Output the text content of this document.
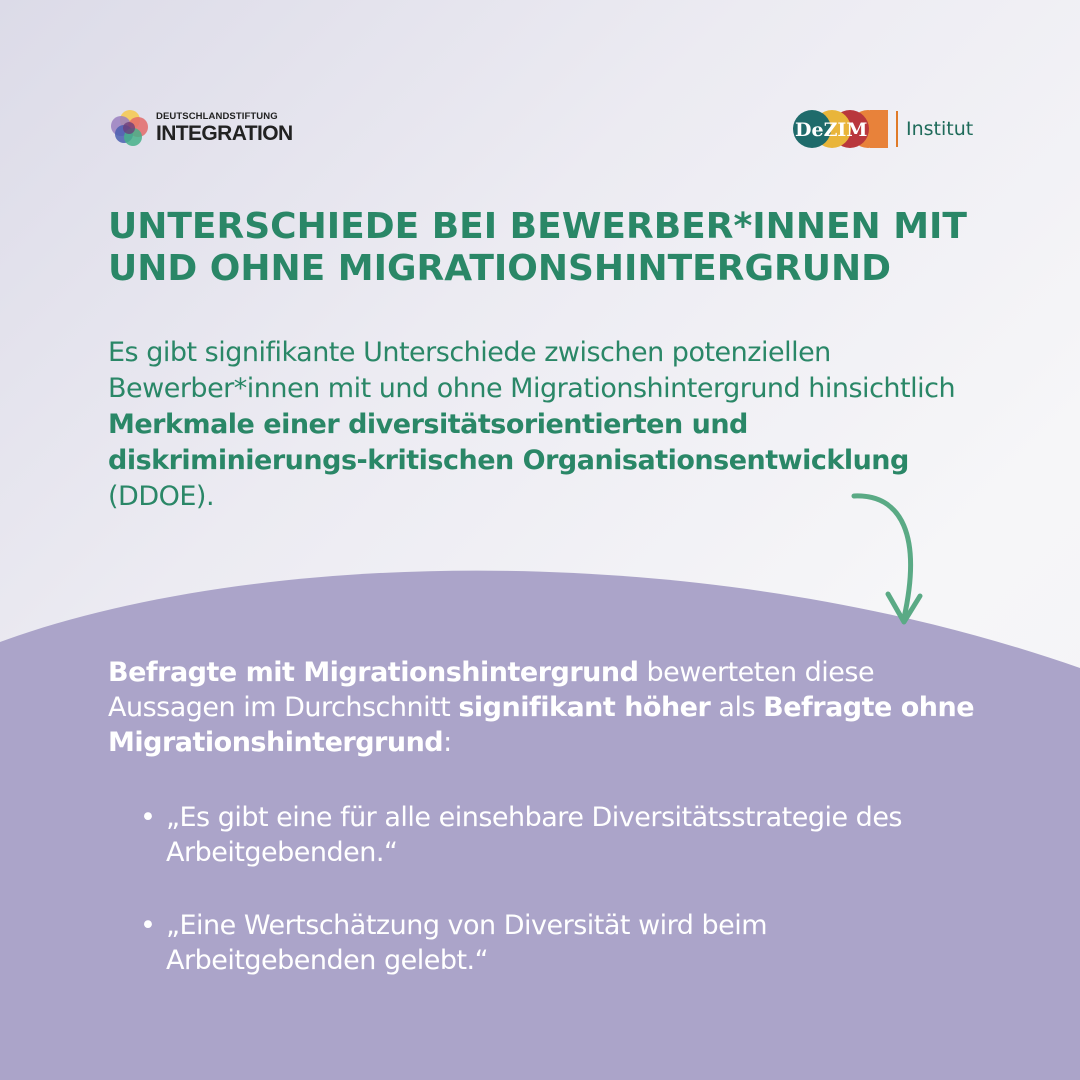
DEUTSCHLANDSTIFTUNG
INTEGRATION	DeZIM Institut
UNTERSCHIEDE BEI BEWERBER*INNEN MIT UND OHNE MIGRATIONSHINTERGRUND

Es gibt signifikante Unterschiede zwischen potenziellen Bewerber*innen mit und ohne Migrationshintergrund hinsichtlich Merkmale einer diversitätsorientierten und diskriminierungs-kritischen Organisationsentwicklung (DDOE).

Befragte mit Migrationshintergrund bewerteten diese Aussagen im Durchschnitt signifikant höher als Befragte ohne Migrationshintergrund:

• „Es gibt eine für alle einsehbare Diversitätsstrategie des Arbeitgebenden.“
• „Eine Wertschätzung von Diversität wird beim Arbeitgebenden gelebt.“
